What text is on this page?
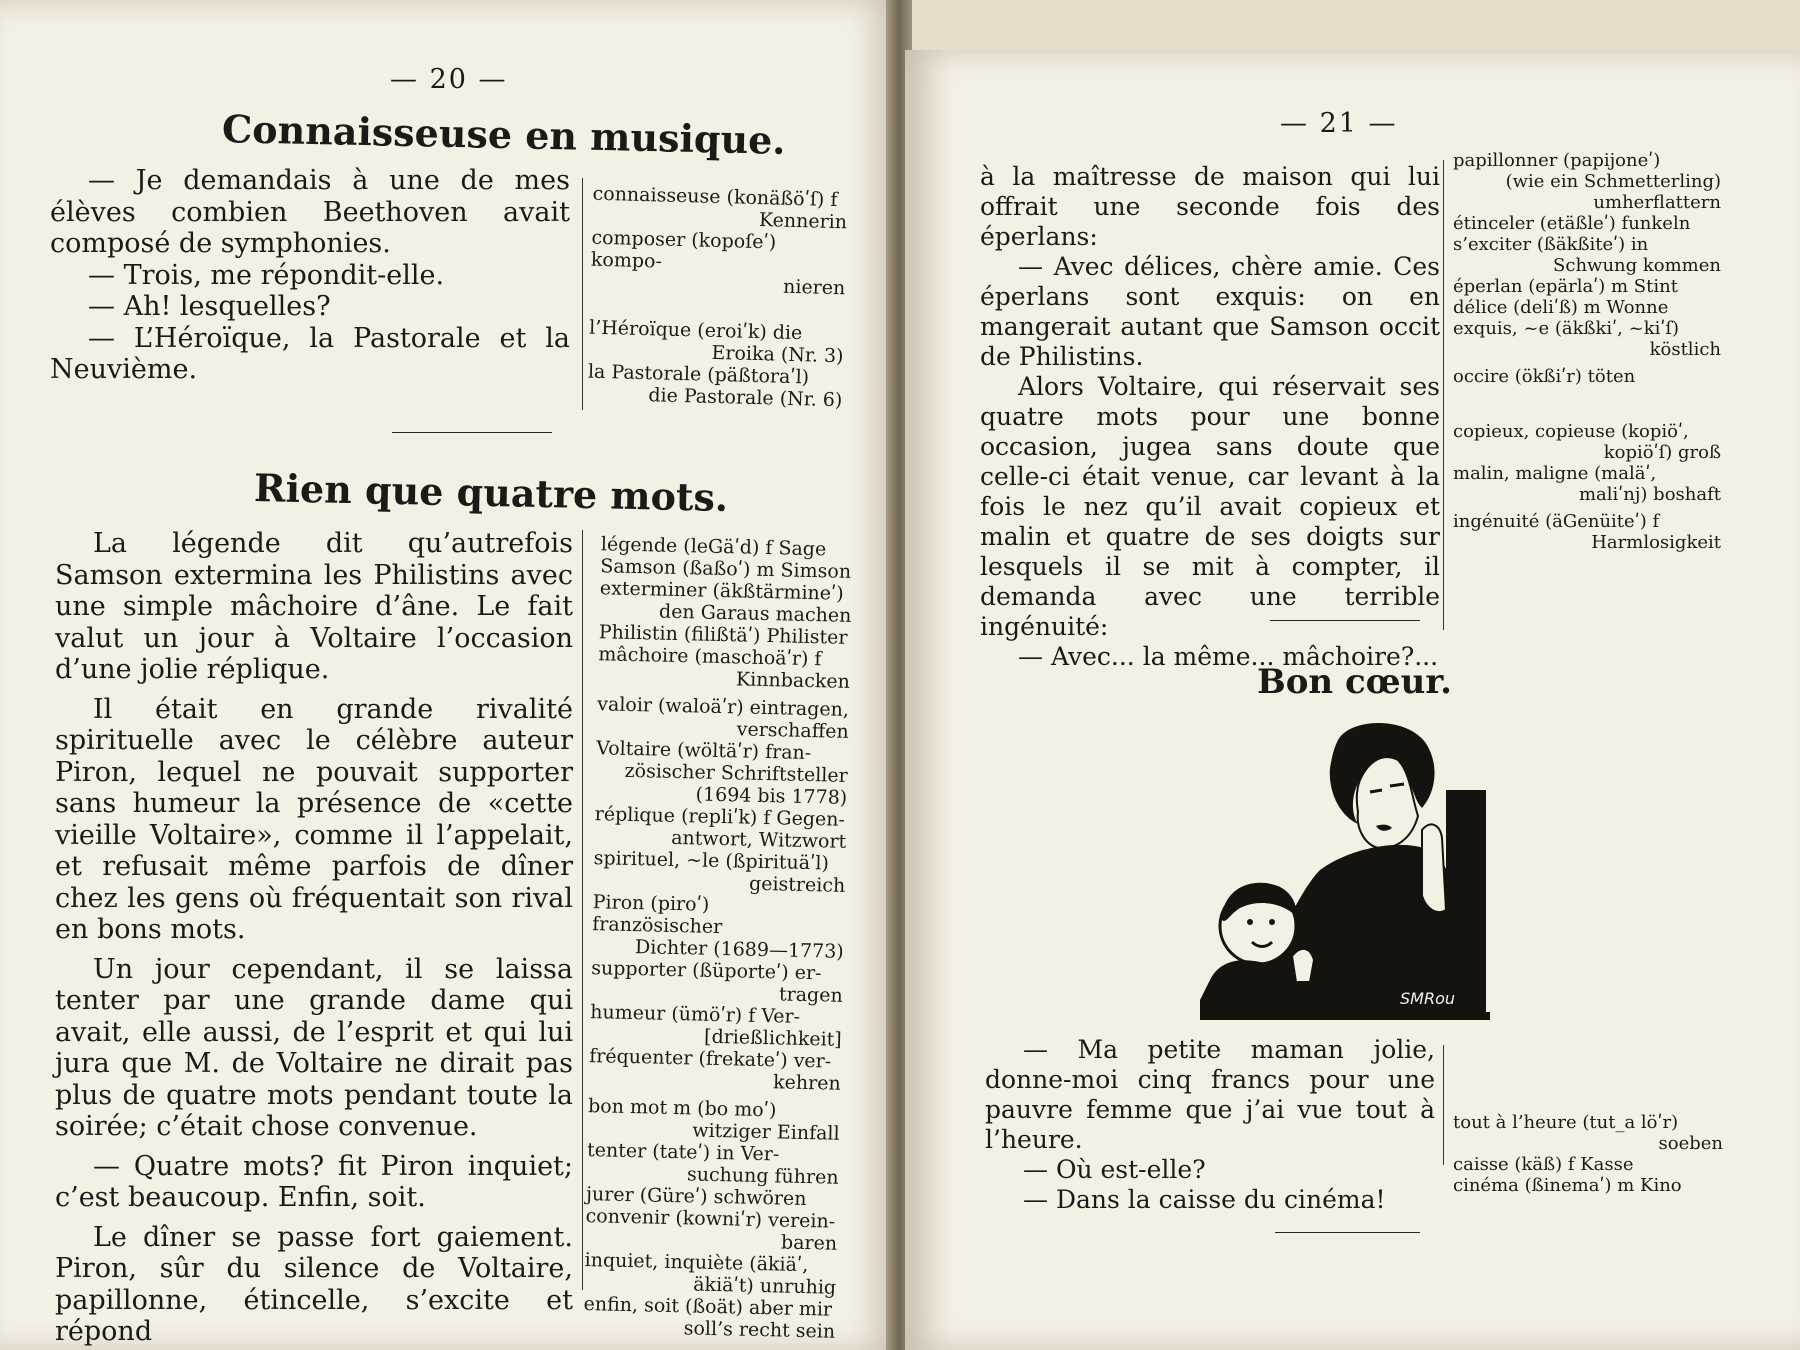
— 20 —
Connaisseuse en musique.

— Je demandais à une de mes élèves combien Beethoven avait composé de symphonies.

— Trois, me répondit-elle.

— Ah! lesquelles?

— L’Héroïque, la Pastorale et la Neuvième.

connaisseuse (konäßöʹſ) f
Kennerin
composer (kopoſeʹ) kompo-
nieren
l’Héroïque (eroiʹk) die
Eroika (Nr. 3)
la Pastorale (päßtoraʹl)
die Pastorale (Nr. 6)
Rien que quatre mots.

La légende dit qu’autrefois Samson extermina les Philistins avec une simple mâchoire d’âne. Le fait valut un jour à Voltaire l’occasion d’une jolie réplique.

Il était en grande rivalité spirituelle avec le célèbre auteur Piron, lequel ne pouvait supporter sans humeur la présence de «cette vieille Voltaire», comme il l’appelait, et refusait même parfois de dîner chez les gens où fréquentait son rival en bons mots.

Un jour cependant, il se laissa tenter par une grande dame qui avait, elle aussi, de l’esprit et qui lui jura que M. de Voltaire ne dirait pas plus de quatre mots pendant toute la soirée; c’était chose convenue.

— Quatre mots? fit Piron inquiet; c’est beaucoup. Enfin, soit.

Le dîner se passe fort gaiement. Piron, sûr du silence de Voltaire, papillonne, étincelle, s’excite et répond

légende (leGäʹd) f Sage
Samson (ßaßoʹ) m Simson
exterminer (äkßtärmineʹ)
den Garaus machen
Philistin (filißtäʹ) Philister
mâchoire (maschoäʹr) f
Kinnbacken
valoir (waloäʹr) eintragen,
verschaffen
Voltaire (wöltäʹr) fran-
zösischer Schriftsteller (1694 bis 1778)
réplique (repliʹk) f Gegen-
antwort, Witzwort
spirituel, ~le (ßpirituäʹl)
geistreich
Piron (piroʹ) französischer
Dichter (1689—1773)
supporter (ßüporteʹ) er-
tragen
humeur (ümöʹr) f Ver-
[drießlichkeit]
fréquenter (frekateʹ) ver-
kehren
bon mot m (bo moʹ)
witziger Einfall
tenter (tateʹ) in Ver-
suchung führen
jurer (Güreʹ) schwören
convenir (kowniʹr) verein-
baren
inquiet, inquiète (äkiäʹ,
äkiäʹt) unruhig
enfin, soit (ßoät) aber mir
soll’s recht sein
— 21 —

à la maîtresse de maison qui lui offrait une seconde fois des éperlans:

— Avec délices, chère amie. Ces éperlans sont exquis: on en mangerait autant que Samson occit de Philistins.

Alors Voltaire, qui réservait ses quatre mots pour une bonne occasion, jugea sans doute que celle-ci était venue, car levant à la fois le nez qu’il avait copieux et malin et quatre de ses doigts sur lesquels il se mit à compter, il demanda avec une terrible ingénuité:

— Avec... la même... mâchoire?...

papillonner (papijoneʹ)
(wie ein Schmetterling) umherflattern
étinceler (etäßleʹ) funkeln
s’exciter (ßäkßiteʹ) in
Schwung kommen
éperlan (epärlaʹ) m Stint
délice (deliʹß) m Wonne
exquis, ~e (äkßkiʹ, ~kiʹſ)
köstlich
occire (ökßiʹr) töten
copieux, copieuse (kopiöʹ,
kopiöʹſ) groß
malin, maligne (maläʹ,
maliʹnj) boshaft
ingénuité (äGenüiteʹ) f
Harmlosigkeit
Bon cœur.
SMRou

— Ma petite maman jolie, donne-moi cinq francs pour une pauvre femme que j’ai vue tout à l’heure.

— Où est-elle?

— Dans la caisse du cinéma!

tout à l’heure (tut_a löʹr)
soeben
caisse (käß) f Kasse
cinéma (ßinemaʹ) m Kino
